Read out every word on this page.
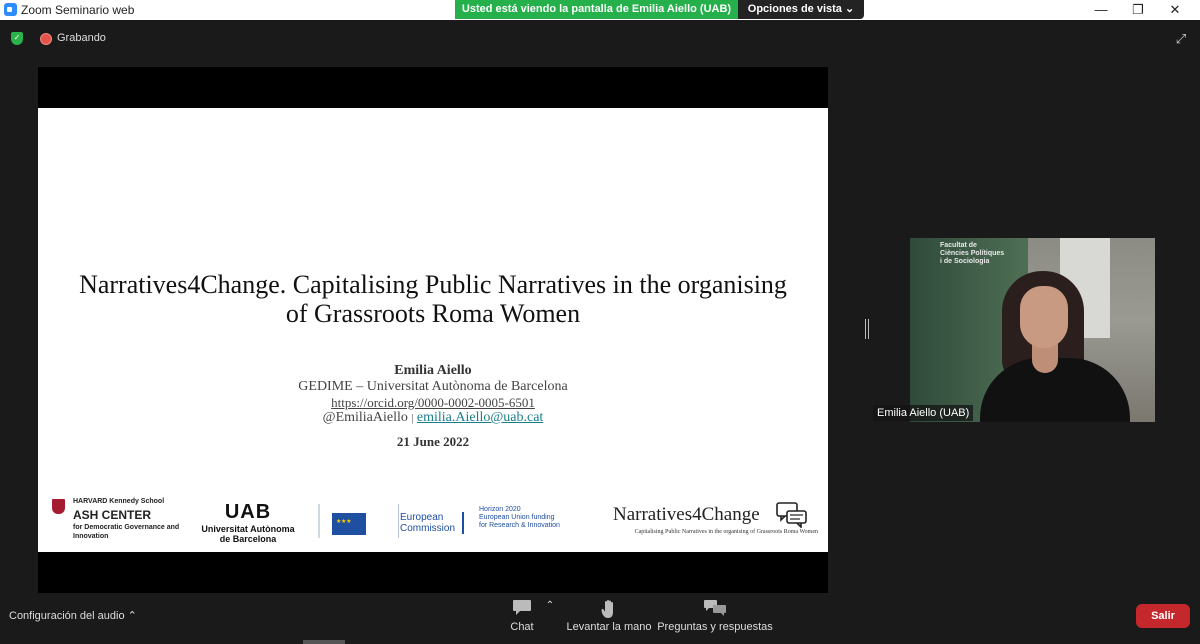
Zoom Seminario web	—	❐	✕
Usted está viendo la pantalla de Emilia Aiello (UAB)	Opciones de vista ⌄
✓	Grabando	⤢
Narratives4Change. Capitalising Public Narratives in the organising
of Grassroots Roma Women
Emilia Aiello
GEDIME – Universitat Autònoma de Barcelona
https://orcid.org/0000-0002-0005-6501
@EmiliaAiello | emilia.Aiello@uab.cat
21 June 2022
HARVARD Kennedy School
ASH CENTER
for Democratic Governance and Innovation
UAB
Universitat Autònoma
de Barcelona
★ ★ ★
European
Commission
Horizon 2020
European Union funding
for Research & Innovation
Narratives4Change
Capitalising Public Narratives in the organising of Grassroots Roma Women
Facultat de
Ciències Polítiques
i de Sociologia
Emilia Aiello (UAB)
Configuración del audio ⌃
Chat
⌃
Levantar la mano Preguntas y respuestas
Salir
